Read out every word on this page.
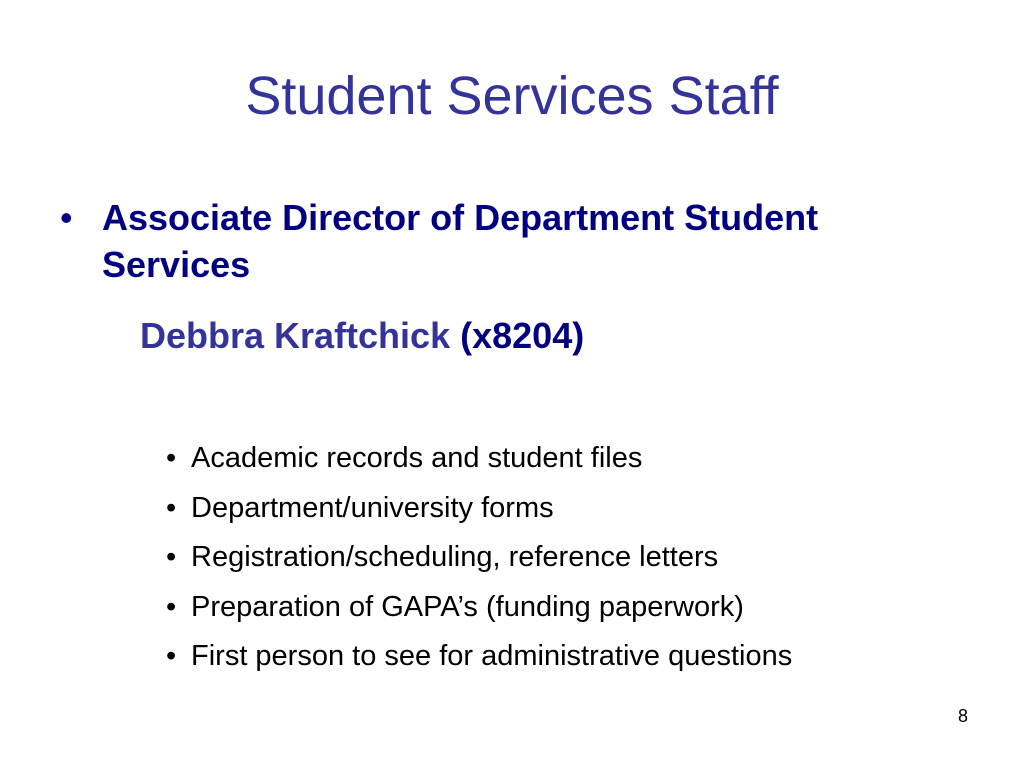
Student Services Staff
• Associate Director of Department Student Services
Debbra Kraftchick (x8204)
• Academic records and student files
• Department/university forms
• Registration/scheduling, reference letters
• Preparation of GAPA’s (funding paperwork)
• First person to see for administrative questions
8
